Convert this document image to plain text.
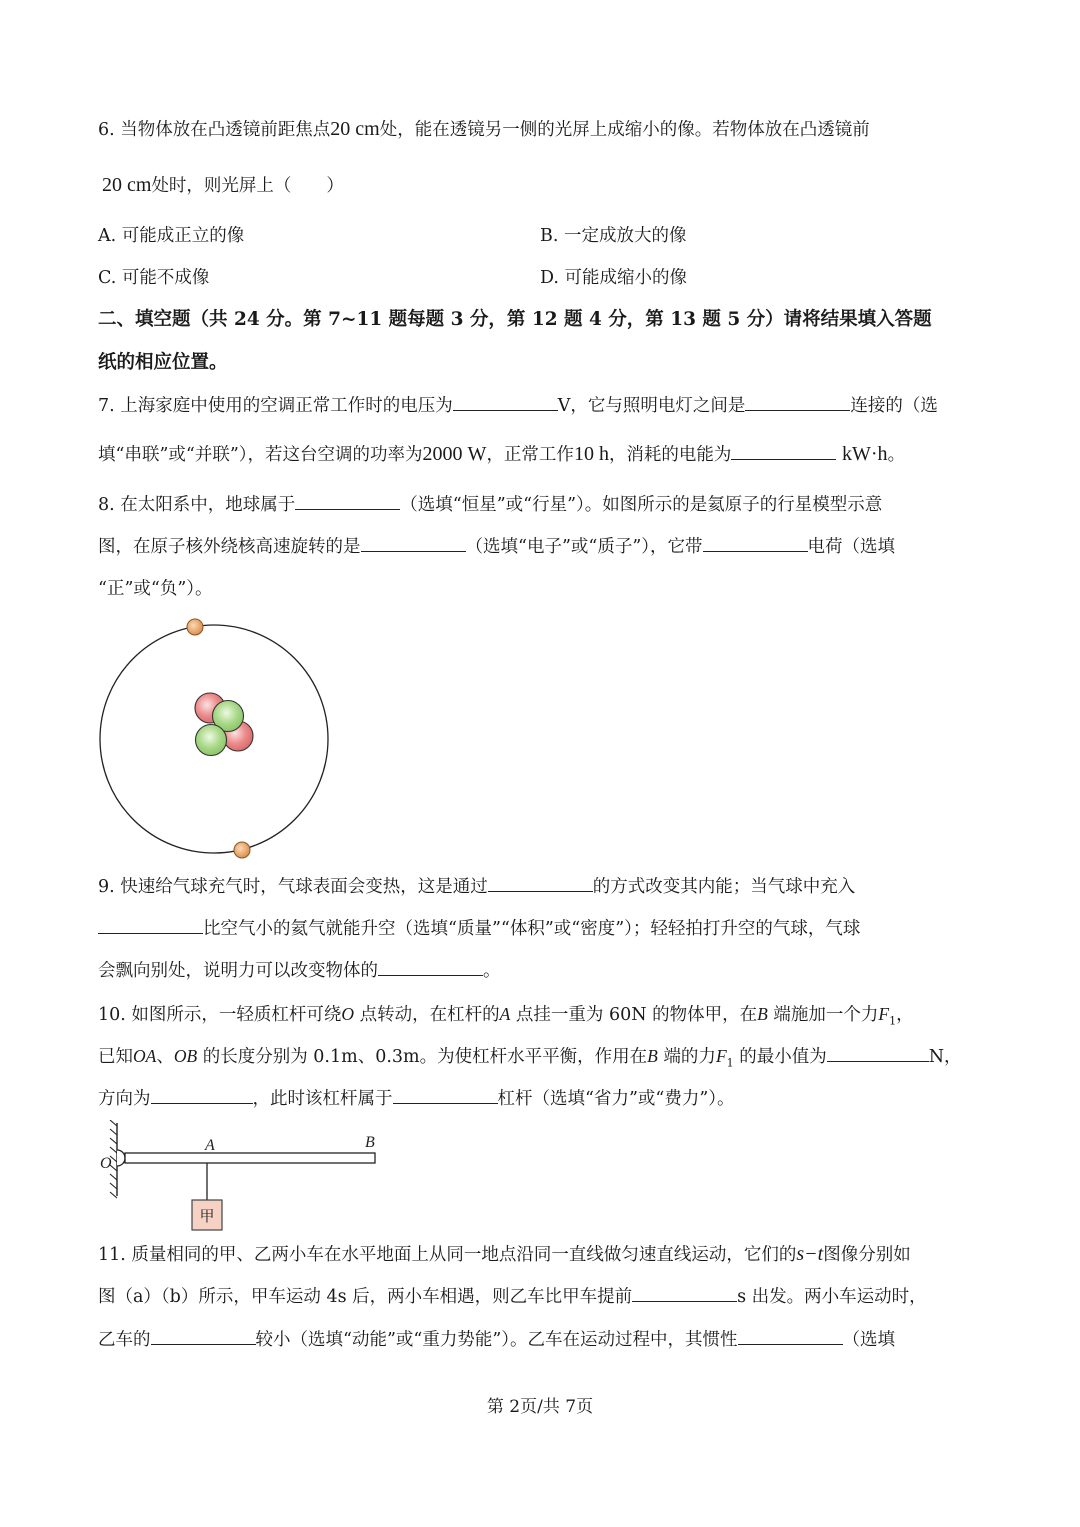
6. 当物体放在凸透镜前距焦点20 cm处，能在透镜另一侧的光屏上成缩小的像。若物体放在凸透镜前
20 cm处时，则光屏上（　　）
A. 可能成正立的像	B. 一定成放大的像
C. 可能不成像	D. 可能成缩小的像
二、填空题（共 24 分。第 7~11 题每题 3 分，第 12 题 4 分，第 13 题 5 分）请将结果填入答题
纸的相应位置。
7. 上海家庭中使用的空调正常工作时的电压为	V，它与照明电灯之间是	连接的（选
填“串联”或“并联”），若这台空调的功率为2000 W，正常工作10 h，消耗的电能为	kW·h。
8. 在太阳系中，地球属于	（选填“恒星”或“行星”）。如图所示的是氦原子的行星模型示意
图，在原子核外绕核高速旋转的是	（选填“电子”或“质子”），它带	电荷（选填
“正”或“负”）。
9. 快速给气球充气时，气球表面会变热，这是通过	的方式改变其内能；当气球中充入
比空气小的氦气就能升空（选填“质量”“体积”或“密度”）；轻轻拍打升空的气球，气球
会飘向别处，说明力可以改变物体的	。
10. 如图所示，一轻质杠杆可绕O 点转动，在杠杆的A 点挂一重为 60N 的物体甲，在B 端施加一个力$F_1$，
已知OA、OB 的长度分别为 0.1m、0.3m。为使杠杆水平平衡，作用在B 端的力$F_1$ 的最小值为	N，
方向为	，此时该杠杆属于	杠杆（选填“省力”或“费力”）。
甲
O
A	B
11. 质量相同的甲、乙两小车在水平地面上从同一地点沿同一直线做匀速直线运动，它们的s−t图像分别如
图（a）（b）所示，甲车运动 4s 后，两小车相遇，则乙车比甲车提前	s 出发。两小车运动时，
乙车的	较小（选填“动能”或“重力势能”）。乙车在运动过程中，其惯性	（选填
第 2页/共 7页
